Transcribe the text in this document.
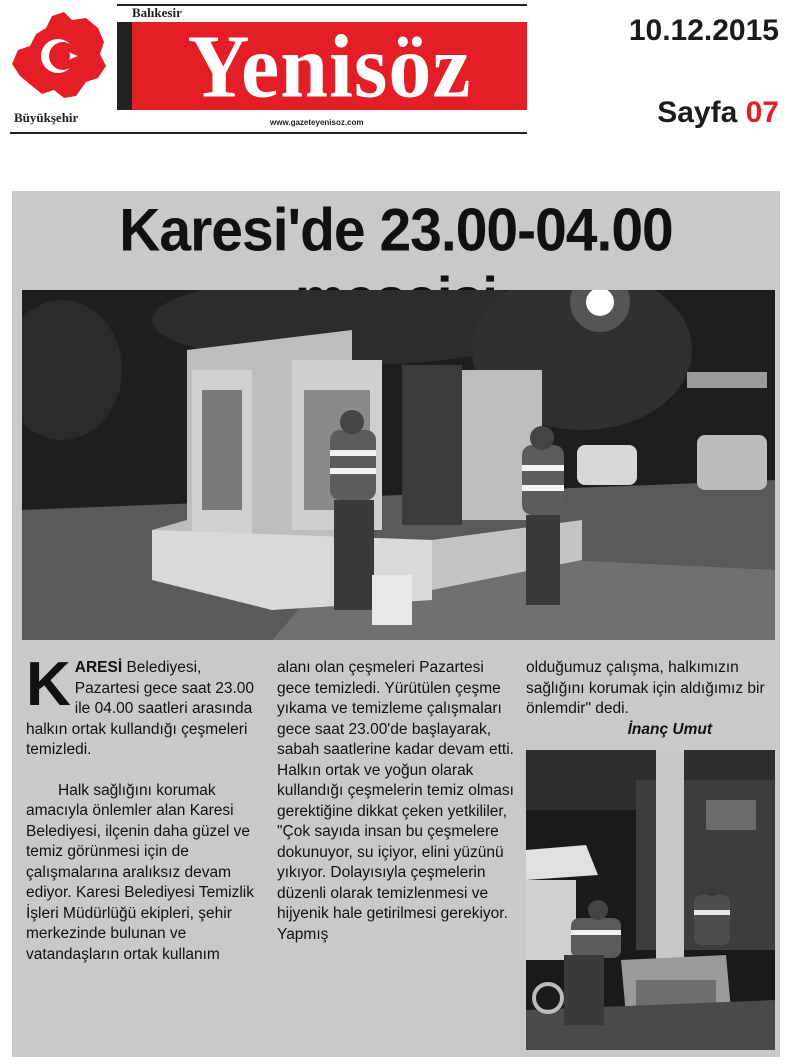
Balıkesir
Yenisöz
Büyükşehir	www.gazeteyenisoz.com
10.12.2015
Sayfa 07
Karesi'de 23.00-04.00

KARESİ Belediyesi, Pazartesi gece saat 23.00 ile 04.00 saatleri arasında halkın ortak kullandığı çeşmeleri temizledi.

Halk sağlığını korumak amacıyla önlemler alan Karesi Belediyesi, ilçenin daha güzel ve temiz görünmesi için de çalışmalarına aralıksız devam ediyor. Karesi Belediyesi Temizlik İşleri Müdürlüğü ekipleri, şehir merkezinde bulunan ve vatandaşların ortak kullanım

alanı olan çeşmeleri Pazartesi gece temizledi. Yürütülen çeşme yıkama ve temizleme çalışmaları gece saat 23.00'de başlayarak, sabah saatlerine kadar devam etti. Halkın ortak ve yoğun olarak kullandığı çeşmelerin temiz olması gerektiğine dikkat çeken yetkililer, "Çok sayıda insan bu çeşmelere dokunuyor, su içiyor, elini yüzünü yıkıyor. Dolayısıyla çeşmelerin düzenli olarak temizlenmesi ve hijyenik hale getirilmesi gerekiyor. Yapmış

olduğumuz çalışma, halkımızın sağlığını korumak için aldığımız bir önlemdir" dedi.

İnanç Umut
